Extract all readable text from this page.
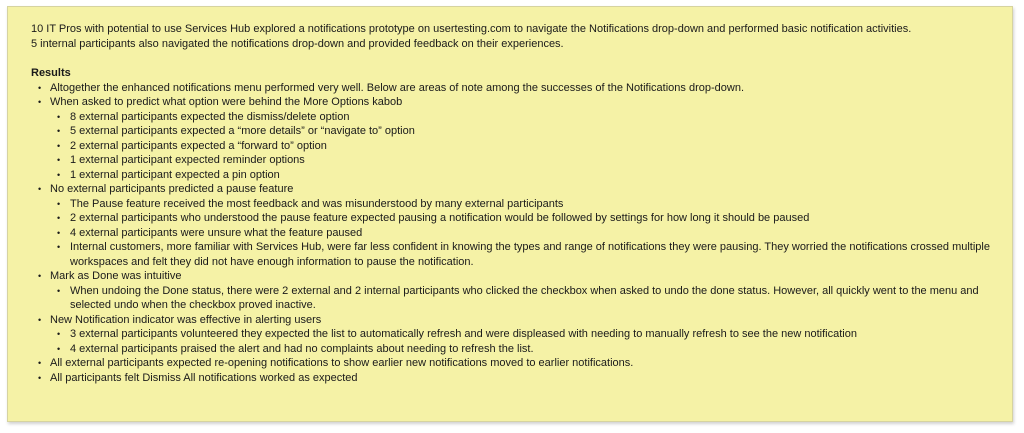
10 IT Pros with potential to use Services Hub explored a notifications prototype on usertesting.com to navigate the Notifications drop-down and performed basic notification activities.
5 internal participants also navigated the notifications drop-down and provided feedback on their experiences.
Results
• Altogether the enhanced notifications menu performed very well. Below are areas of note among the successes of the Notifications drop-down.
• When asked to predict what option were behind the More Options kabob
• 8 external participants expected the dismiss/delete option
• 5 external participants expected a “more details” or “navigate to” option
• 2 external participants expected a “forward to” option
• 1 external participant expected reminder options
• 1 external participant expected a pin option
• No external participants predicted a pause feature
• The Pause feature received the most feedback and was misunderstood by many external participants
• 2 external participants who understood the pause feature expected pausing a notification would be followed by settings for how long it should be paused
• 4 external participants were unsure what the feature paused
• Internal customers, more familiar with Services Hub, were far less confident in knowing the types and range of notifications they were pausing. They worried the notifications crossed multiple workspaces and felt they did not have enough information to pause the notification.
• Mark as Done was intuitive
• When undoing the Done status, there were 2 external and 2 internal participants who clicked the checkbox when asked to undo the done status. However, all quickly went to the menu and selected undo when the checkbox proved inactive.
• New Notification indicator was effective in alerting users
• 3 external participants volunteered they expected the list to automatically refresh and were displeased with needing to manually refresh to see the new notification
• 4 external participants praised the alert and had no complaints about needing to refresh the list.
• All external participants expected re-opening notifications to show earlier new notifications moved to earlier notifications.
• All participants felt Dismiss All notifications worked as expected
